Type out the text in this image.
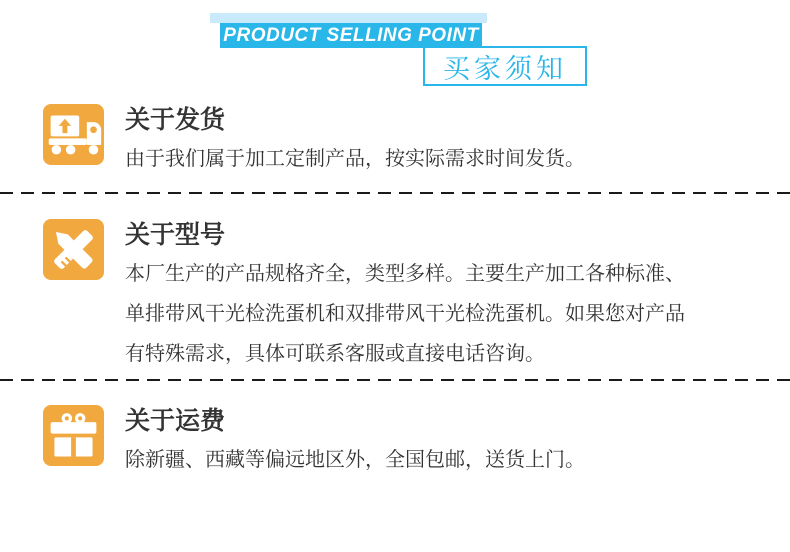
PRODUCT SELLING POINT
买家须知
关于发货

由于我们属于加工定制产品，按实际需求时间发货。

关于型号

本厂生产的产品规格齐全，类型多样。主要生产加工各种标准、

单排带风干光检洗蛋机和双排带风干光检洗蛋机。如果您对产品

有特殊需求，具体可联系客服或直接电话咨询。

关于运费

除新疆、西藏等偏远地区外，全国包邮，送货上门。
